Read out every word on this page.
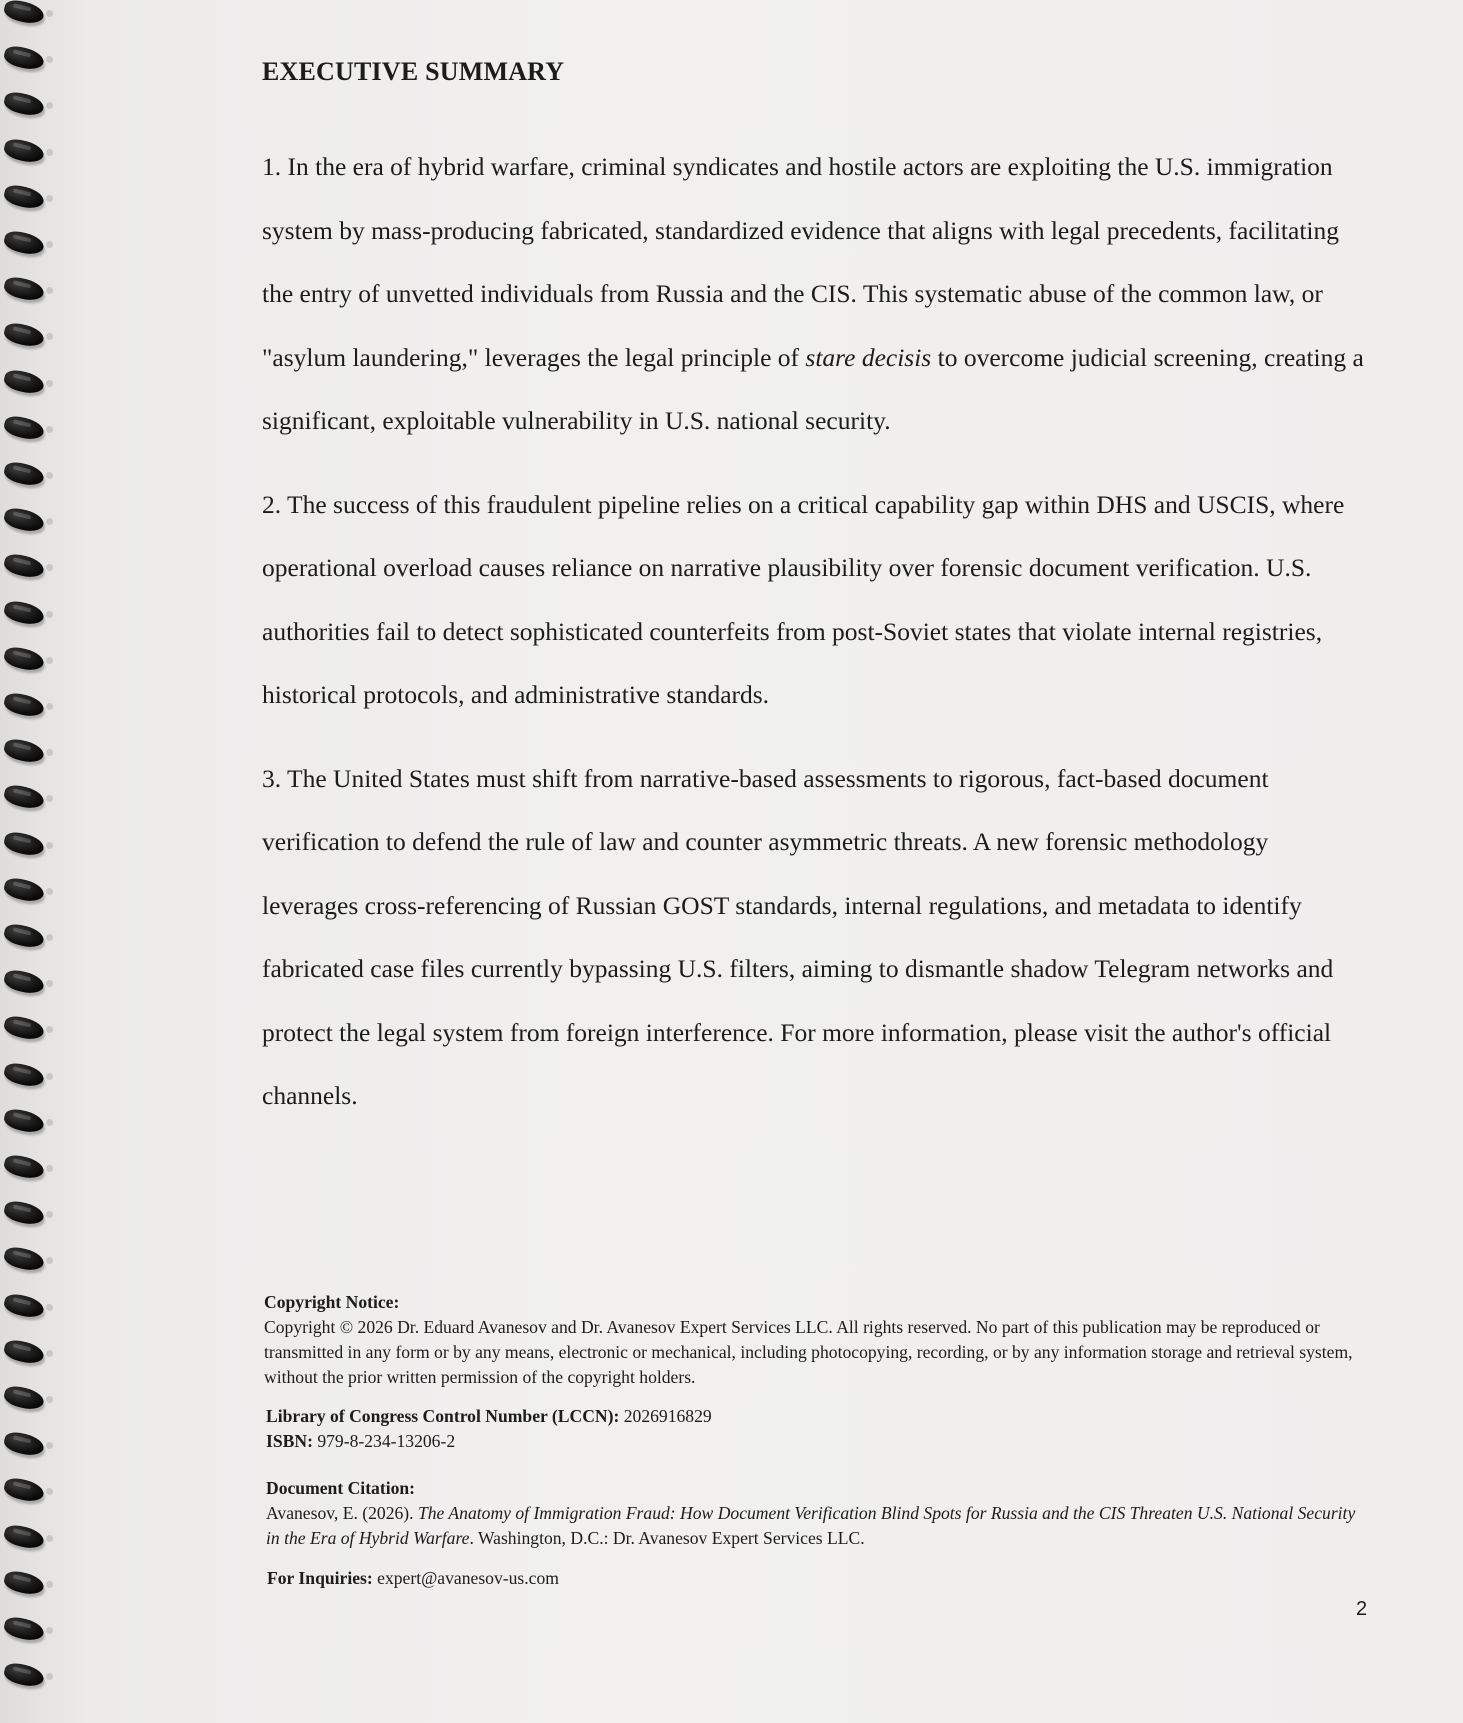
EXECUTIVE SUMMARY

1. In the era of hybrid warfare, criminal syndicates and hostile actors are exploiting the U.S. immigration system by mass-producing fabricated, standardized evidence that aligns with legal precedents, facilitating the entry of unvetted individuals from Russia and the CIS. This systematic abuse of the common law, or "asylum laundering," leverages the legal principle of stare decisis to overcome judicial screening, creating a significant, exploitable vulnerability in U.S. national security.

2. The success of this fraudulent pipeline relies on a critical capability gap within DHS and USCIS, where operational overload causes reliance on narrative plausibility over forensic document verification. U.S. authorities fail to detect sophisticated counterfeits from post-Soviet states that violate internal registries, historical protocols, and administrative standards.

3. The United States must shift from narrative-based assessments to rigorous, fact-based document verification to defend the rule of law and counter asymmetric threats. A new forensic methodology leverages cross-referencing of Russian GOST standards, internal regulations, and metadata to identify fabricated case files currently bypassing U.S. filters, aiming to dismantle shadow Telegram networks and protect the legal system from foreign interference. For more information, please visit the author's official channels.

Copyright Notice:

Copyright © 2026 Dr. Eduard Avanesov and Dr. Avanesov Expert Services LLC. All rights reserved. No part of this publication may be reproduced or transmitted in any form or by any means, electronic or mechanical, including photocopying, recording, or by any information storage and retrieval system, without the prior written permission of the copyright holders.

Library of Congress Control Number (LCCN): 2026916829

ISBN: 979-8-234-13206-2

Document Citation:

Avanesov, E. (2026). The Anatomy of Immigration Fraud: How Document Verification Blind Spots for Russia and the CIS Threaten U.S. National Security in the Era of Hybrid Warfare. Washington, D.C.: Dr. Avanesov Expert Services LLC.

For Inquiries: expert@avanesov-us.com

2
